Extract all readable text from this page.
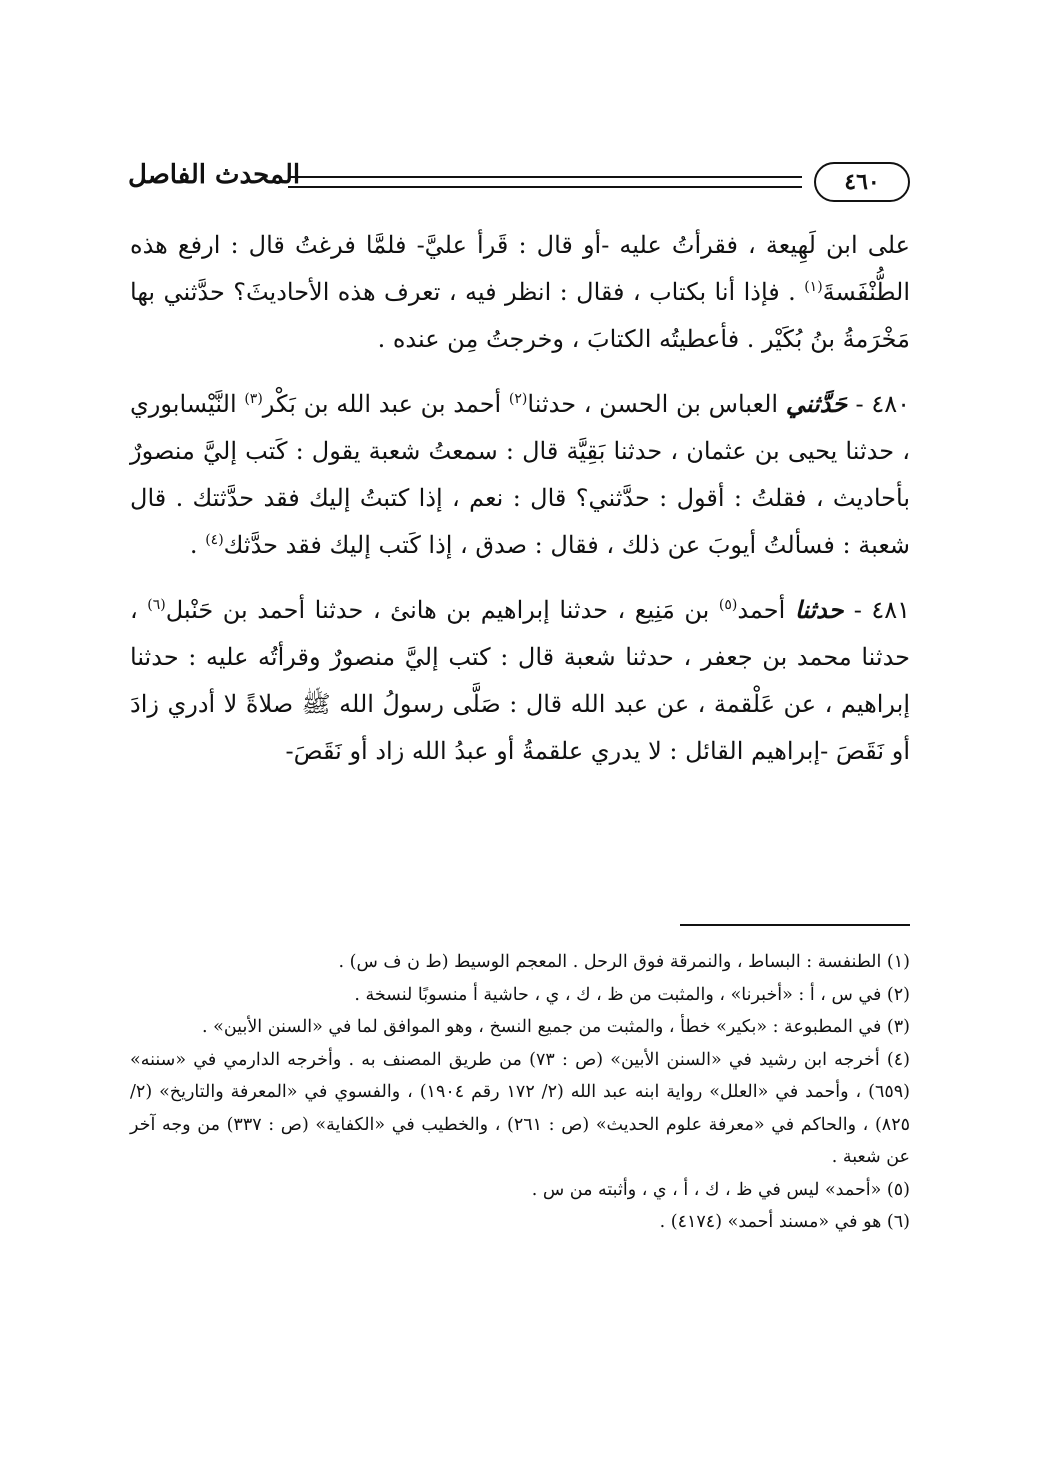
٤٦٠
المحدث الفاصل

على ابن لَهِيعة ، فقرأتُ عليه -أو قال : قَرأ عليَّ- فلمَّا فرغتُ قال : ارفع هذه الطُّنْفَسةَ$^{(١)}$ . فإذا أنا بكتاب ، فقال : انظر فيه ، تعرف هذه الأحاديثَ؟ حدَّثني بها مَخْرَمةُ بنُ بُكَيْر . فأعطيتُه الكتابَ ، وخرجتُ مِن عنده .

٤٨٠ - حَدَّثني العباس بن الحسن ، حدثنا$^{(٢)}$ أحمد بن عبد الله بن بَكْر$^{(٣)}$ النَّيْسابوري ، حدثنا يحيى بن عثمان ، حدثنا بَقِيَّة قال : سمعتُ شعبة يقول : كَتب إليَّ منصورٌ بأحاديث ، فقلتُ : أقول : حدَّثني؟ قال : نعم ، إذا كتبتُ إليك فقد حدَّثتك . قال شعبة : فسألتُ أيوبَ عن ذلك ، فقال : صدق ، إذا كَتب إليك فقد حدَّثك$^{(٤)}$ .

٤٨١ - حدثنا أحمد$^{(٥)}$ بن مَنِيع ، حدثنا إبراهيم بن هانئ ، حدثنا أحمد بن حَنْبل$^{(٦)}$ ، حدثنا محمد بن جعفر ، حدثنا شعبة قال : كتب إليَّ منصورٌ وقرأتُه عليه : حدثنا إبراهيم ، عن عَلْقمة ، عن عبد الله قال : صَلَّى رسولُ الله ﷺ صلاةً لا أدري زادَ أو نَقَصَ -إبراهيم القائل : لا يدري علقمةُ أو عبدُ الله زاد أو نَقَصَ-

(١) الطنفسة : البساط ، والنمرقة فوق الرحل . المعجم الوسيط (ط ن ف س) .

(٢) في س ، أ : «أخبرنا» ، والمثبت من ظ ، ك ، ي ، حاشية أ منسوبًا لنسخة .

(٣) في المطبوعة : «بكير» خطأ ، والمثبت من جميع النسخ ، وهو الموافق لما في «السنن الأبين» .

(٤) أخرجه ابن رشيد في «السنن الأبين» (ص : ٧٣) من طريق المصنف به . وأخرجه الدارمي في «سننه» (٦٥٩) ، وأحمد في «العلل» رواية ابنه عبد الله (٢/ ١٧٢ رقم ١٩٠٤) ، والفسوي في «المعرفة والتاريخ» (٢/ ٨٢٥) ، والحاكم في «معرفة علوم الحديث» (ص : ٢٦١) ، والخطيب في «الكفاية» (ص : ٣٣٧) من وجه آخر عن شعبة .

(٥) «أحمد» ليس في ظ ، ك ، أ ، ي ، وأثبته من س .

(٦) هو في «مسند أحمد» (٤١٧٤) .
